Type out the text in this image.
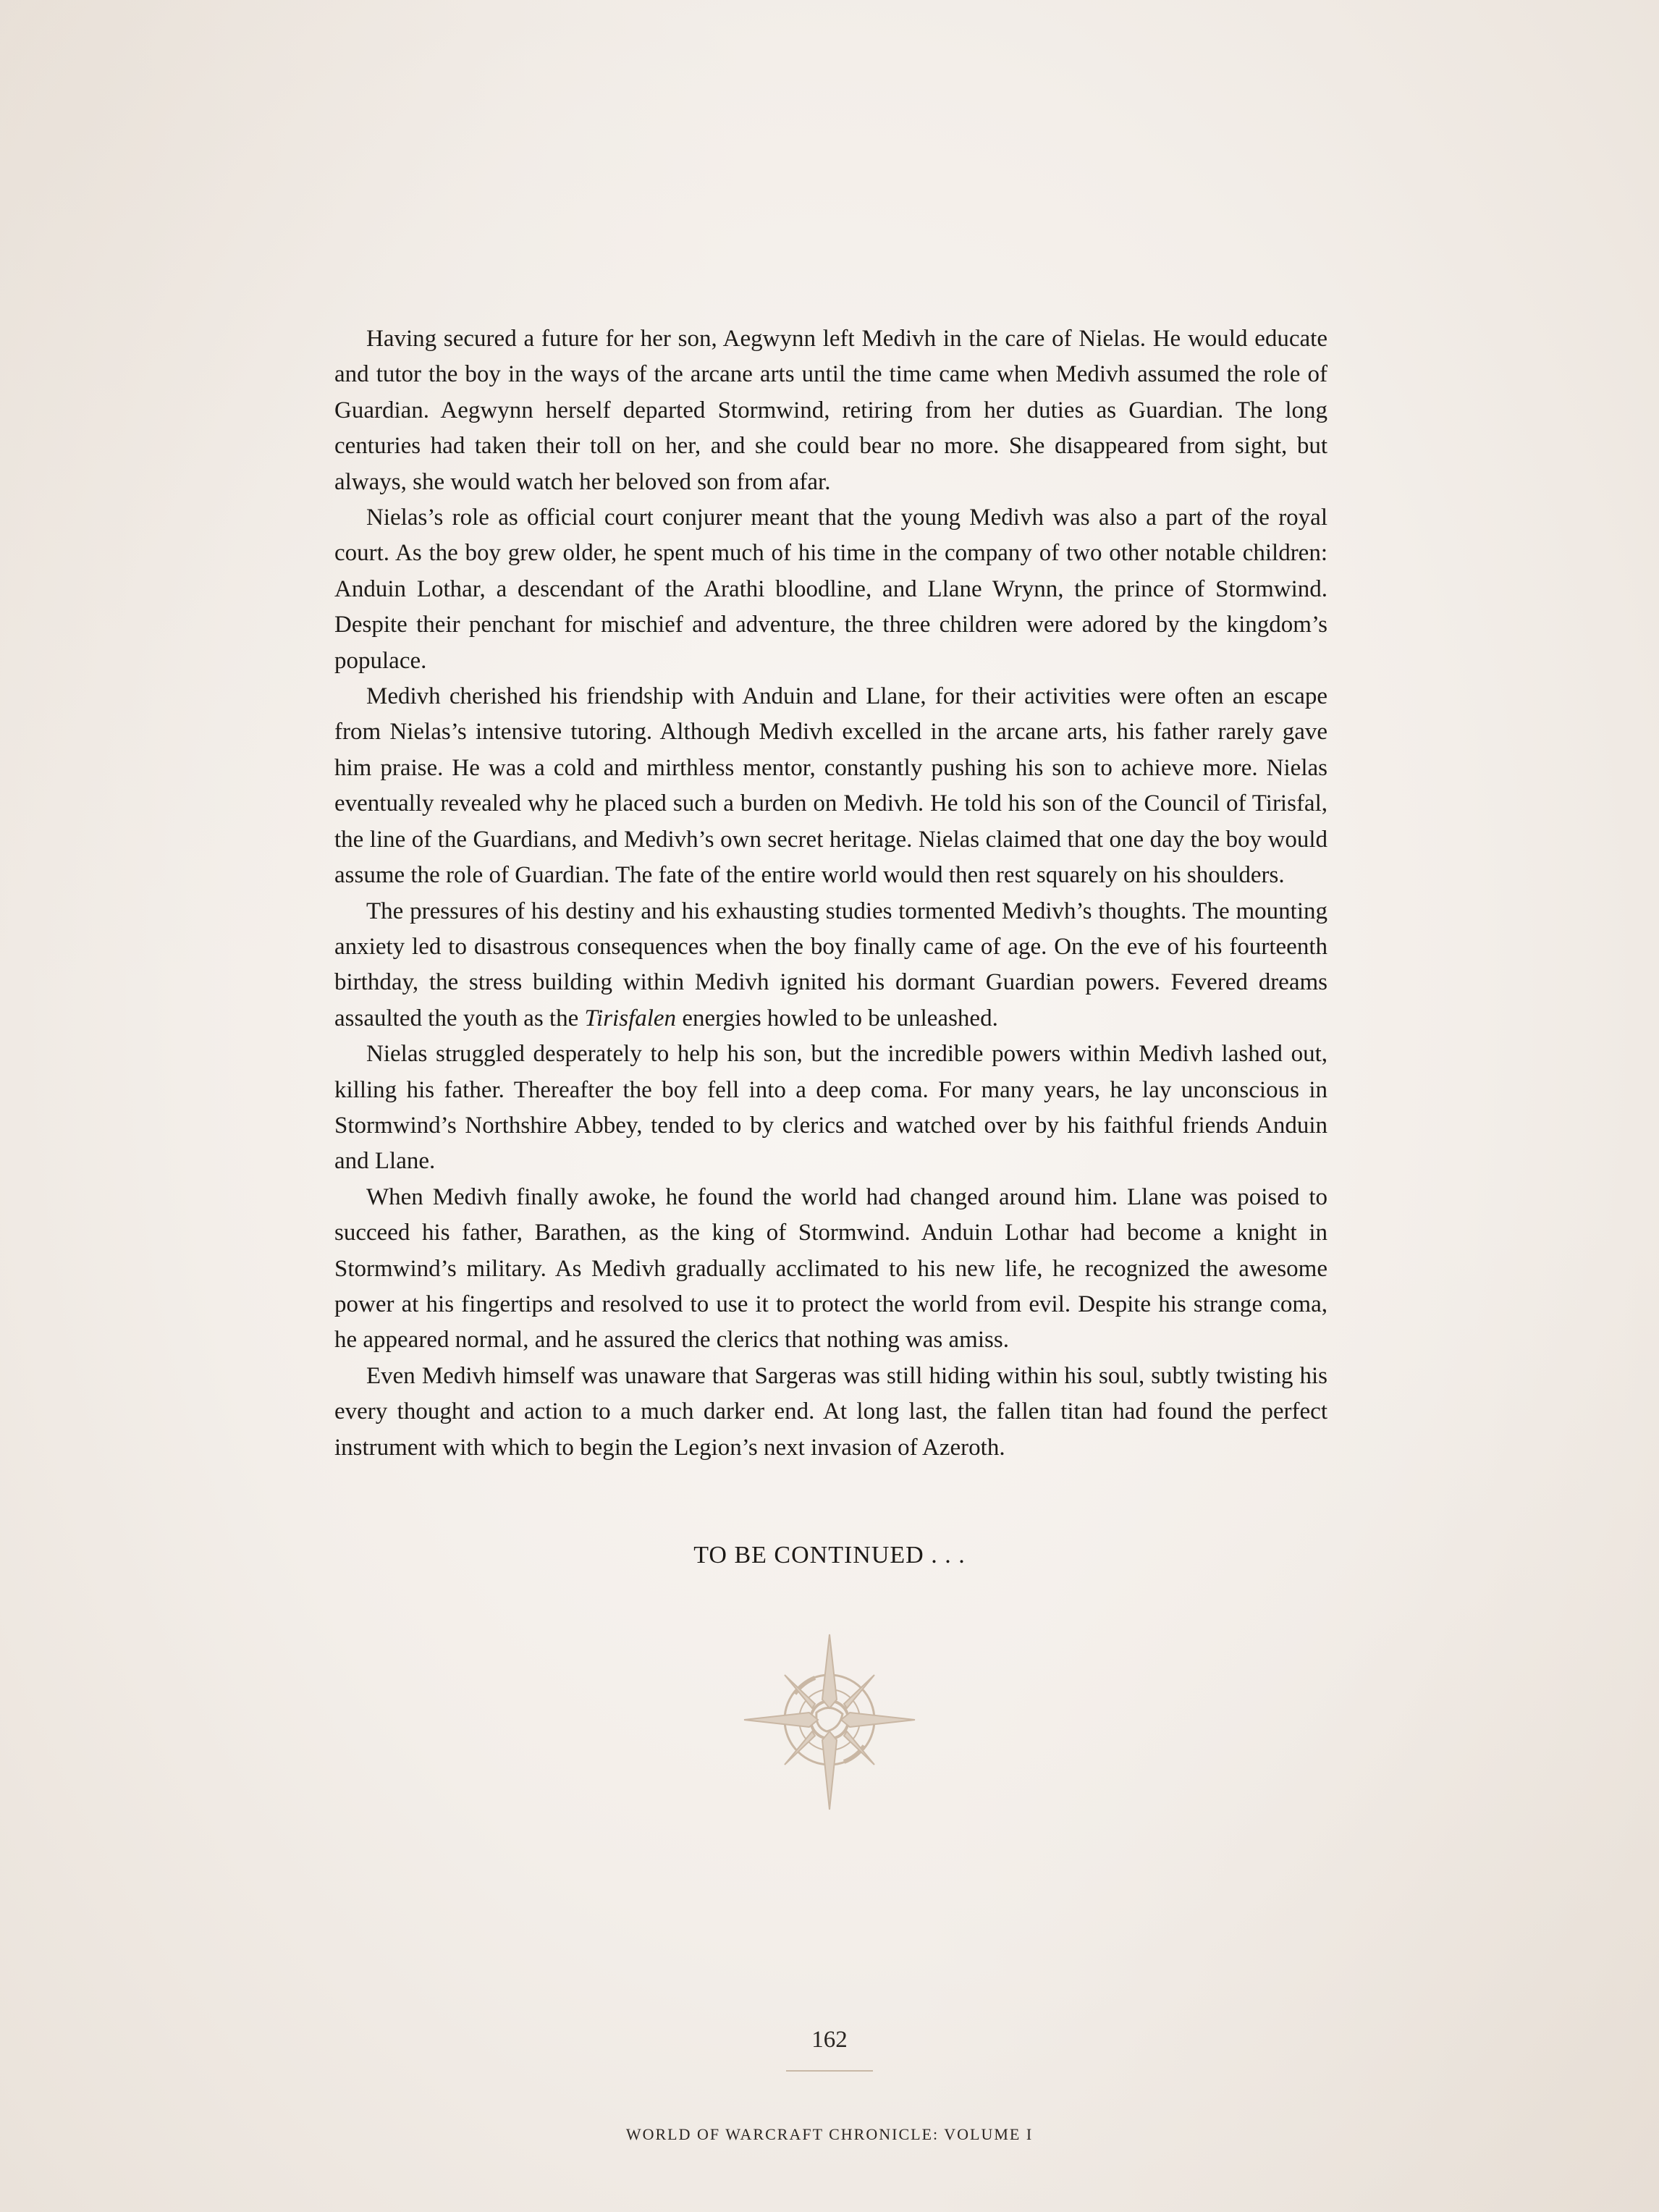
Having secured a future for her son, Aegwynn left Medivh in the care of Nielas. He would educate and tutor the boy in the ways of the arcane arts until the time came when Medivh assumed the role of Guardian. Aegwynn herself departed Stormwind, retiring from her duties as Guardian. The long centuries had taken their toll on her, and she could bear no more. She disappeared from sight, but always, she would watch her beloved son from afar.

Nielas’s role as official court conjurer meant that the young Medivh was also a part of the royal court. As the boy grew older, he spent much of his time in the company of two other notable children: Anduin Lothar, a descendant of the Arathi bloodline, and Llane Wrynn, the prince of Stormwind. Despite their penchant for mischief and adventure, the three children were adored by the kingdom’s populace.

Medivh cherished his friendship with Anduin and Llane, for their activities were often an escape from Nielas’s intensive tutoring. Although Medivh excelled in the arcane arts, his father rarely gave him praise. He was a cold and mirthless mentor, constantly pushing his son to achieve more. Nielas eventually revealed why he placed such a burden on Medivh. He told his son of the Council of Tirisfal, the line of the Guardians, and Medivh’s own secret heritage. Nielas claimed that one day the boy would assume the role of Guardian. The fate of the entire world would then rest squarely on his shoulders.

The pressures of his destiny and his exhausting studies tormented Medivh’s thoughts. The mounting anxiety led to disastrous consequences when the boy finally came of age. On the eve of his fourteenth birthday, the stress building within Medivh ignited his dormant Guardian powers. Fevered dreams assaulted the youth as the Tirisfalen energies howled to be unleashed.

Nielas struggled desperately to help his son, but the incredible powers within Medivh lashed out, killing his father. Thereafter the boy fell into a deep coma. For many years, he lay unconscious in Stormwind’s Northshire Abbey, tended to by clerics and watched over by his faithful friends Anduin and Llane.

When Medivh finally awoke, he found the world had changed around him. Llane was poised to succeed his father, Barathen, as the king of Stormwind. Anduin Lothar had become a knight in Stormwind’s military. As Medivh gradually acclimated to his new life, he recognized the awesome power at his fingertips and resolved to use it to protect the world from evil. Despite his strange coma, he appeared normal, and he assured the clerics that nothing was amiss.

Even Medivh himself was unaware that Sargeras was still hiding within his soul, subtly twisting his every thought and action to a much darker end. At long last, the fallen titan had found the perfect instrument with which to begin the Legion’s next invasion of Azeroth.

TO BE CONTINUED . . .
162
WORLD OF WARCRAFT CHRONICLE: VOLUME I
